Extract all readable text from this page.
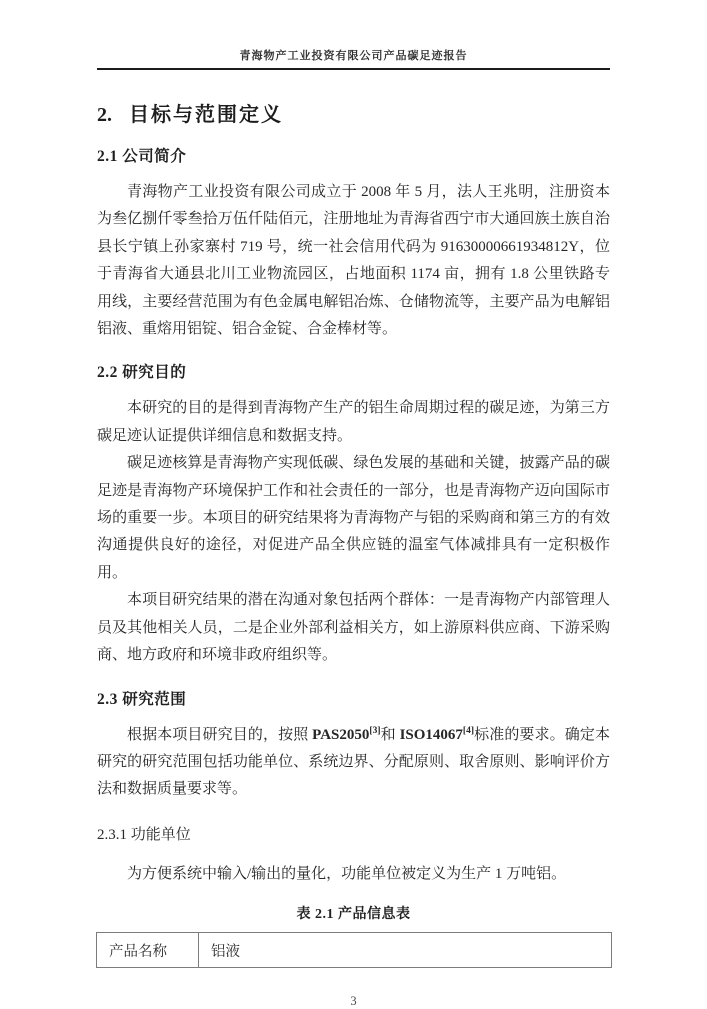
青海物产工业投资有限公司产品碳足迹报告
2. 目标与范围定义
2.1 公司简介

青海物产工业投资有限公司成立于 2008 年 5 月，法人王兆明，注册资本为叁亿捌仟零叁拾万伍仟陆佰元，注册地址为青海省西宁市大通回族土族自治县长宁镇上孙家寨村 719 号，统一社会信用代码为 91630000661934812Y，位于青海省大通县北川工业物流园区，占地面积 1174 亩，拥有 1.8 公里铁路专用线，主要经营范围为有色金属电解铝冶炼、仓储物流等，主要产品为电解铝铝液、重熔用铝锭、铝合金锭、合金棒材等。

2.2 研究目的

本研究的目的是得到青海物产生产的铝生命周期过程的碳足迹，为第三方碳足迹认证提供详细信息和数据支持。

碳足迹核算是青海物产实现低碳、绿色发展的基础和关键，披露产品的碳足迹是青海物产环境保护工作和社会责任的一部分，也是青海物产迈向国际市场的重要一步。本项目的研究结果将为青海物产与铝的采购商和第三方的有效沟通提供良好的途径，对促进产品全供应链的温室气体减排具有一定积极作用。

本项目研究结果的潜在沟通对象包括两个群体：一是青海物产内部管理人员及其他相关人员，二是企业外部利益相关方，如上游原料供应商、下游采购商、地方政府和环境非政府组织等。

2.3 研究范围

根据本项目研究目的，按照 PAS2050[3]和 ISO14067[4]标准的要求。确定本研究的研究范围包括功能单位、系统边界、分配原则、取舍原则、影响评价方法和数据质量要求等。

2.3.1 功能单位

为方便系统中输入/输出的量化，功能单位被定义为生产 1 万吨铝。

表 2.1 产品信息表
产品名称	铝液
3
